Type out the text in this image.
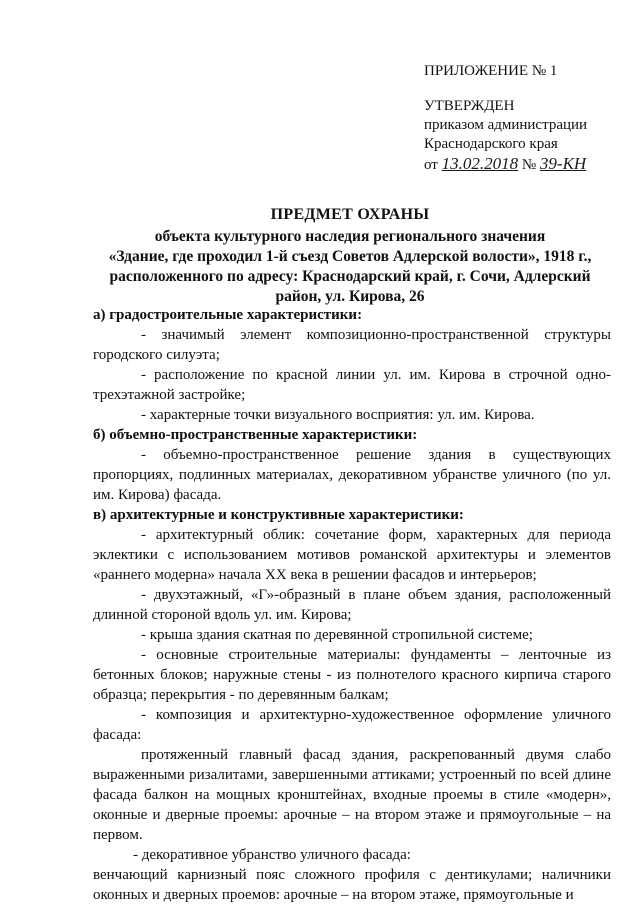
ПРИЛОЖЕНИЕ № 1
УТВЕРЖДЕН
приказом администрации
Краснодарского края
от 13.02.2018 № 39-КН
ПРЕДМЕТ ОХРАНЫ
объекта культурного наследия регионального значения
«Здание, где проходил 1-й съезд Советов Адлерской волости», 1918 г.,
расположенного по адресу: Краснодарский край, г. Сочи, Адлерский
район, ул. Кирова, 26
а) градостроительные характеристики:
- значимый элемент композиционно-пространственной структуры городского силуэта;
- расположение по красной линии ул. им. Кирова в строчной одно-трехэтажной застройке;
- характерные точки визуального восприятия: ул. им. Кирова.
б) объемно-пространственные характеристики:
- объемно-пространственное решение здания в существующих пропорциях, подлинных материалах, декоративном убранстве уличного (по ул. им. Кирова) фасада.
в) архитектурные и конструктивные характеристики:
- архитектурный облик: сочетание форм, характерных для периода эклектики с использованием мотивов романской архитектуры и элементов «раннего модерна» начала XX века в решении фасадов и интерьеров;
- двухэтажный, «Г»-образный в плане объем здания, расположенный длинной стороной вдоль ул. им. Кирова;
- крыша здания скатная по деревянной стропильной системе;
- основные строительные материалы: фундаменты – ленточные из бетонных блоков; наружные стены - из полнотелого красного кирпича старого образца; перекрытия - по деревянным балкам;
- композиция и архитектурно-художественное оформление уличного фасада:
протяженный главный фасад здания, раскрепованный двумя слабо выраженными ризалитами, завершенными аттиками; устроенный по всей длине фасада балкон на мощных кронштейнах, входные проемы в стиле «модерн», оконные и дверные проемы: арочные – на втором этаже и прямоугольные – на первом.
- декоративное убранство уличного фасада:
венчающий карнизный пояс сложного профиля с дентикулами; наличники оконных и дверных проемов: арочные – на втором этаже, прямоугольные и
